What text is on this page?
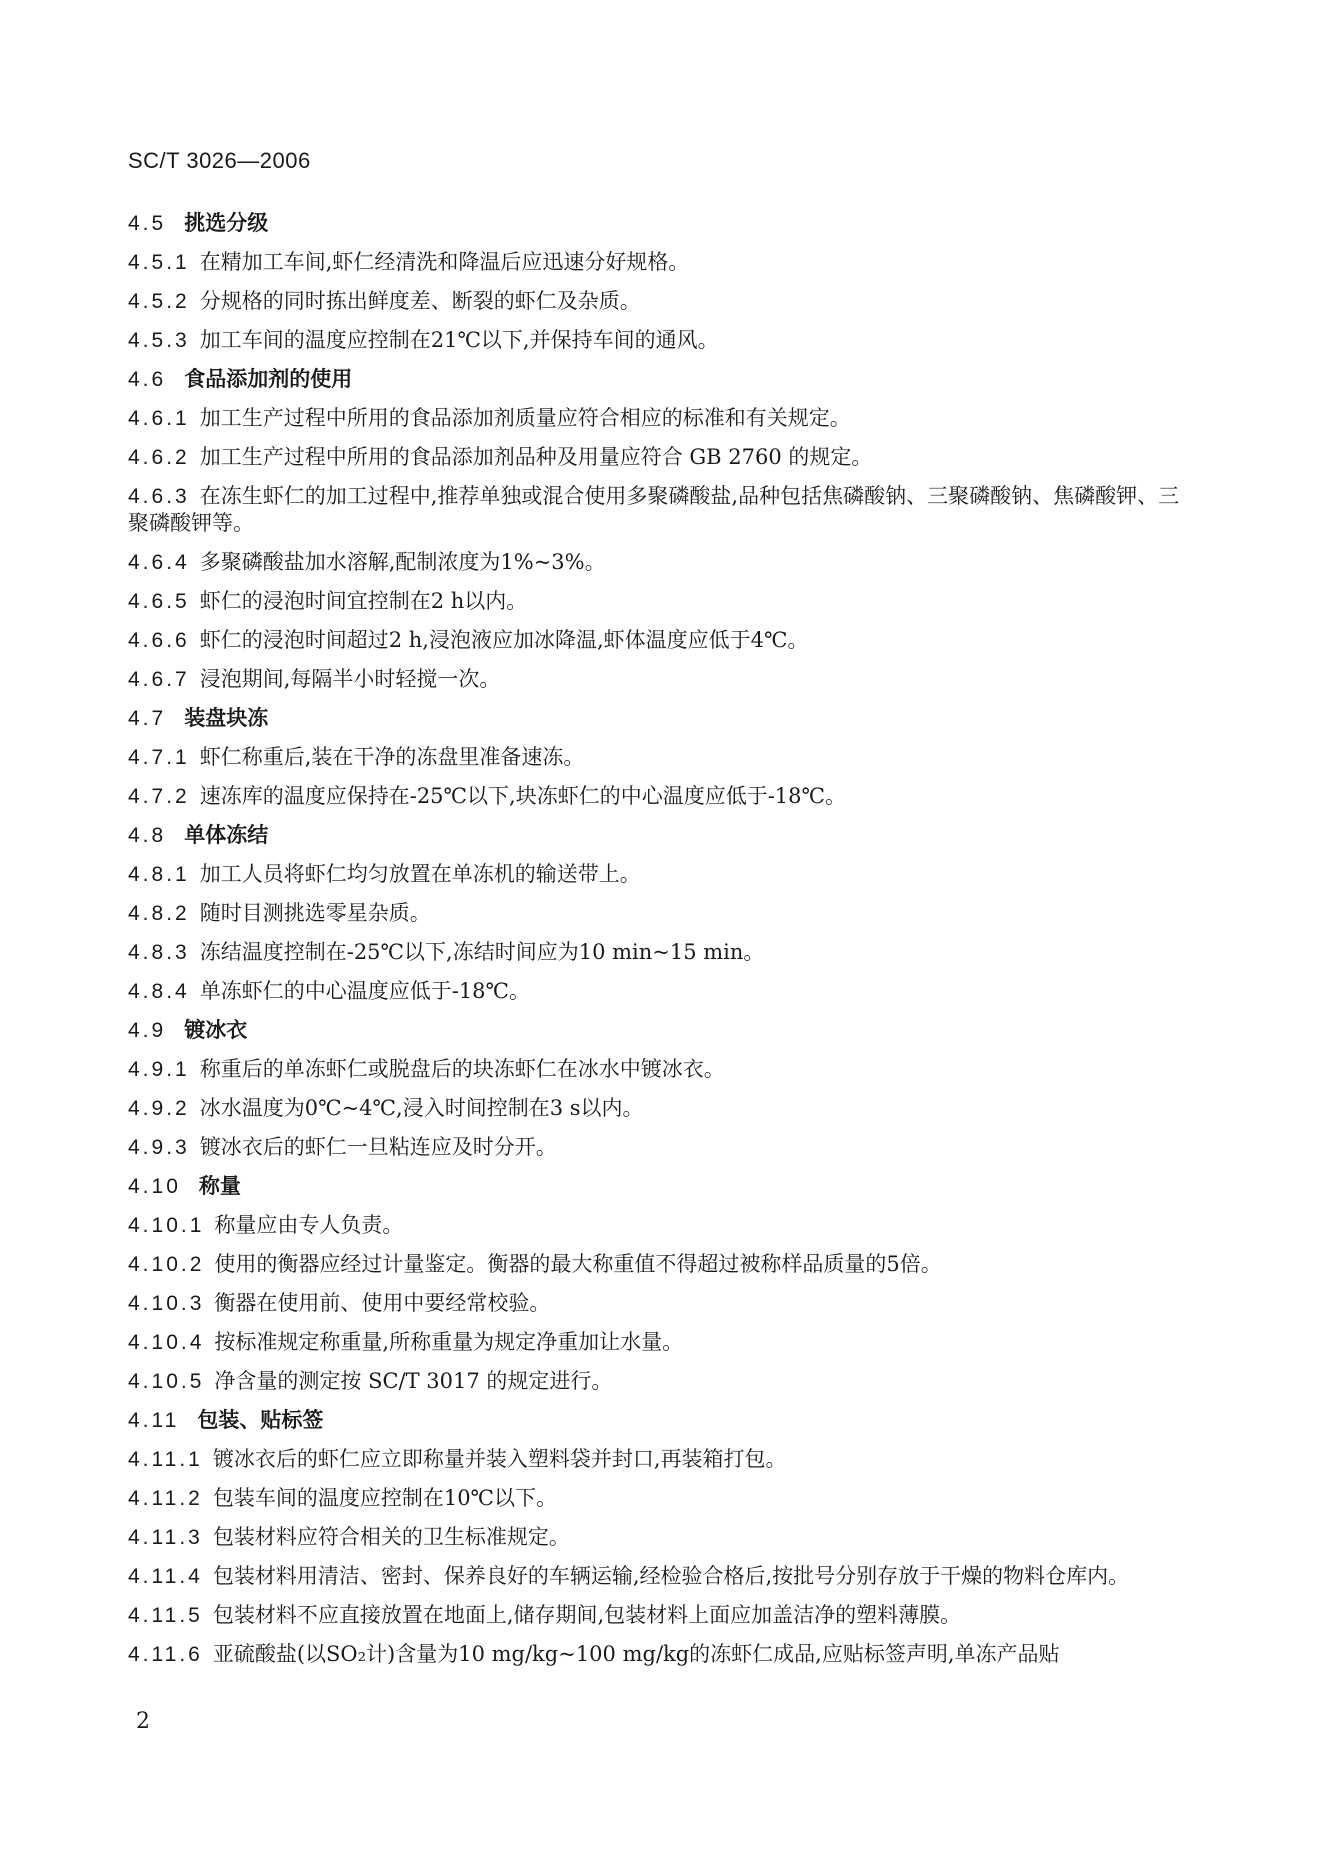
SC/T 3026—2006
4.5 挑选分级
4.5.1 在精加工车间,虾仁经清洗和降温后应迅速分好规格。
4.5.2 分规格的同时拣出鲜度差、断裂的虾仁及杂质。
4.5.3 加工车间的温度应控制在21℃以下,并保持车间的通风。
4.6 食品添加剂的使用
4.6.1 加工生产过程中所用的食品添加剂质量应符合相应的标准和有关规定。
4.6.2 加工生产过程中所用的食品添加剂品种及用量应符合 GB 2760 的规定。
4.6.3 在冻生虾仁的加工过程中,推荐单独或混合使用多聚磷酸盐,品种包括焦磷酸钠、三聚磷酸钠、焦磷酸钾、三聚磷酸钾等。
4.6.4 多聚磷酸盐加水溶解,配制浓度为1%~3%。
4.6.5 虾仁的浸泡时间宜控制在2 h以内。
4.6.6 虾仁的浸泡时间超过2 h,浸泡液应加冰降温,虾体温度应低于4℃。
4.6.7 浸泡期间,每隔半小时轻搅一次。
4.7 装盘块冻
4.7.1 虾仁称重后,装在干净的冻盘里准备速冻。
4.7.2 速冻库的温度应保持在-25℃以下,块冻虾仁的中心温度应低于-18℃。
4.8 单体冻结
4.8.1 加工人员将虾仁均匀放置在单冻机的输送带上。
4.8.2 随时目测挑选零星杂质。
4.8.3 冻结温度控制在-25℃以下,冻结时间应为10 min~15 min。
4.8.4 单冻虾仁的中心温度应低于-18℃。
4.9 镀冰衣
4.9.1 称重后的单冻虾仁或脱盘后的块冻虾仁在冰水中镀冰衣。
4.9.2 冰水温度为0℃~4℃,浸入时间控制在3 s以内。
4.9.3 镀冰衣后的虾仁一旦粘连应及时分开。
4.10 称量
4.10.1 称量应由专人负责。
4.10.2 使用的衡器应经过计量鉴定。衡器的最大称重值不得超过被称样品质量的5倍。
4.10.3 衡器在使用前、使用中要经常校验。
4.10.4 按标准规定称重量,所称重量为规定净重加让水量。
4.10.5 净含量的测定按 SC/T 3017 的规定进行。
4.11 包装、贴标签
4.11.1 镀冰衣后的虾仁应立即称量并装入塑料袋并封口,再装箱打包。
4.11.2 包装车间的温度应控制在10℃以下。
4.11.3 包装材料应符合相关的卫生标准规定。
4.11.4 包装材料用清洁、密封、保养良好的车辆运输,经检验合格后,按批号分别存放于干燥的物料仓库内。
4.11.5 包装材料不应直接放置在地面上,储存期间,包装材料上面应加盖洁净的塑料薄膜。
4.11.6 亚硫酸盐(以SO₂计)含量为10 mg/kg~100 mg/kg的冻虾仁成品,应贴标签声明,单冻产品贴
2
